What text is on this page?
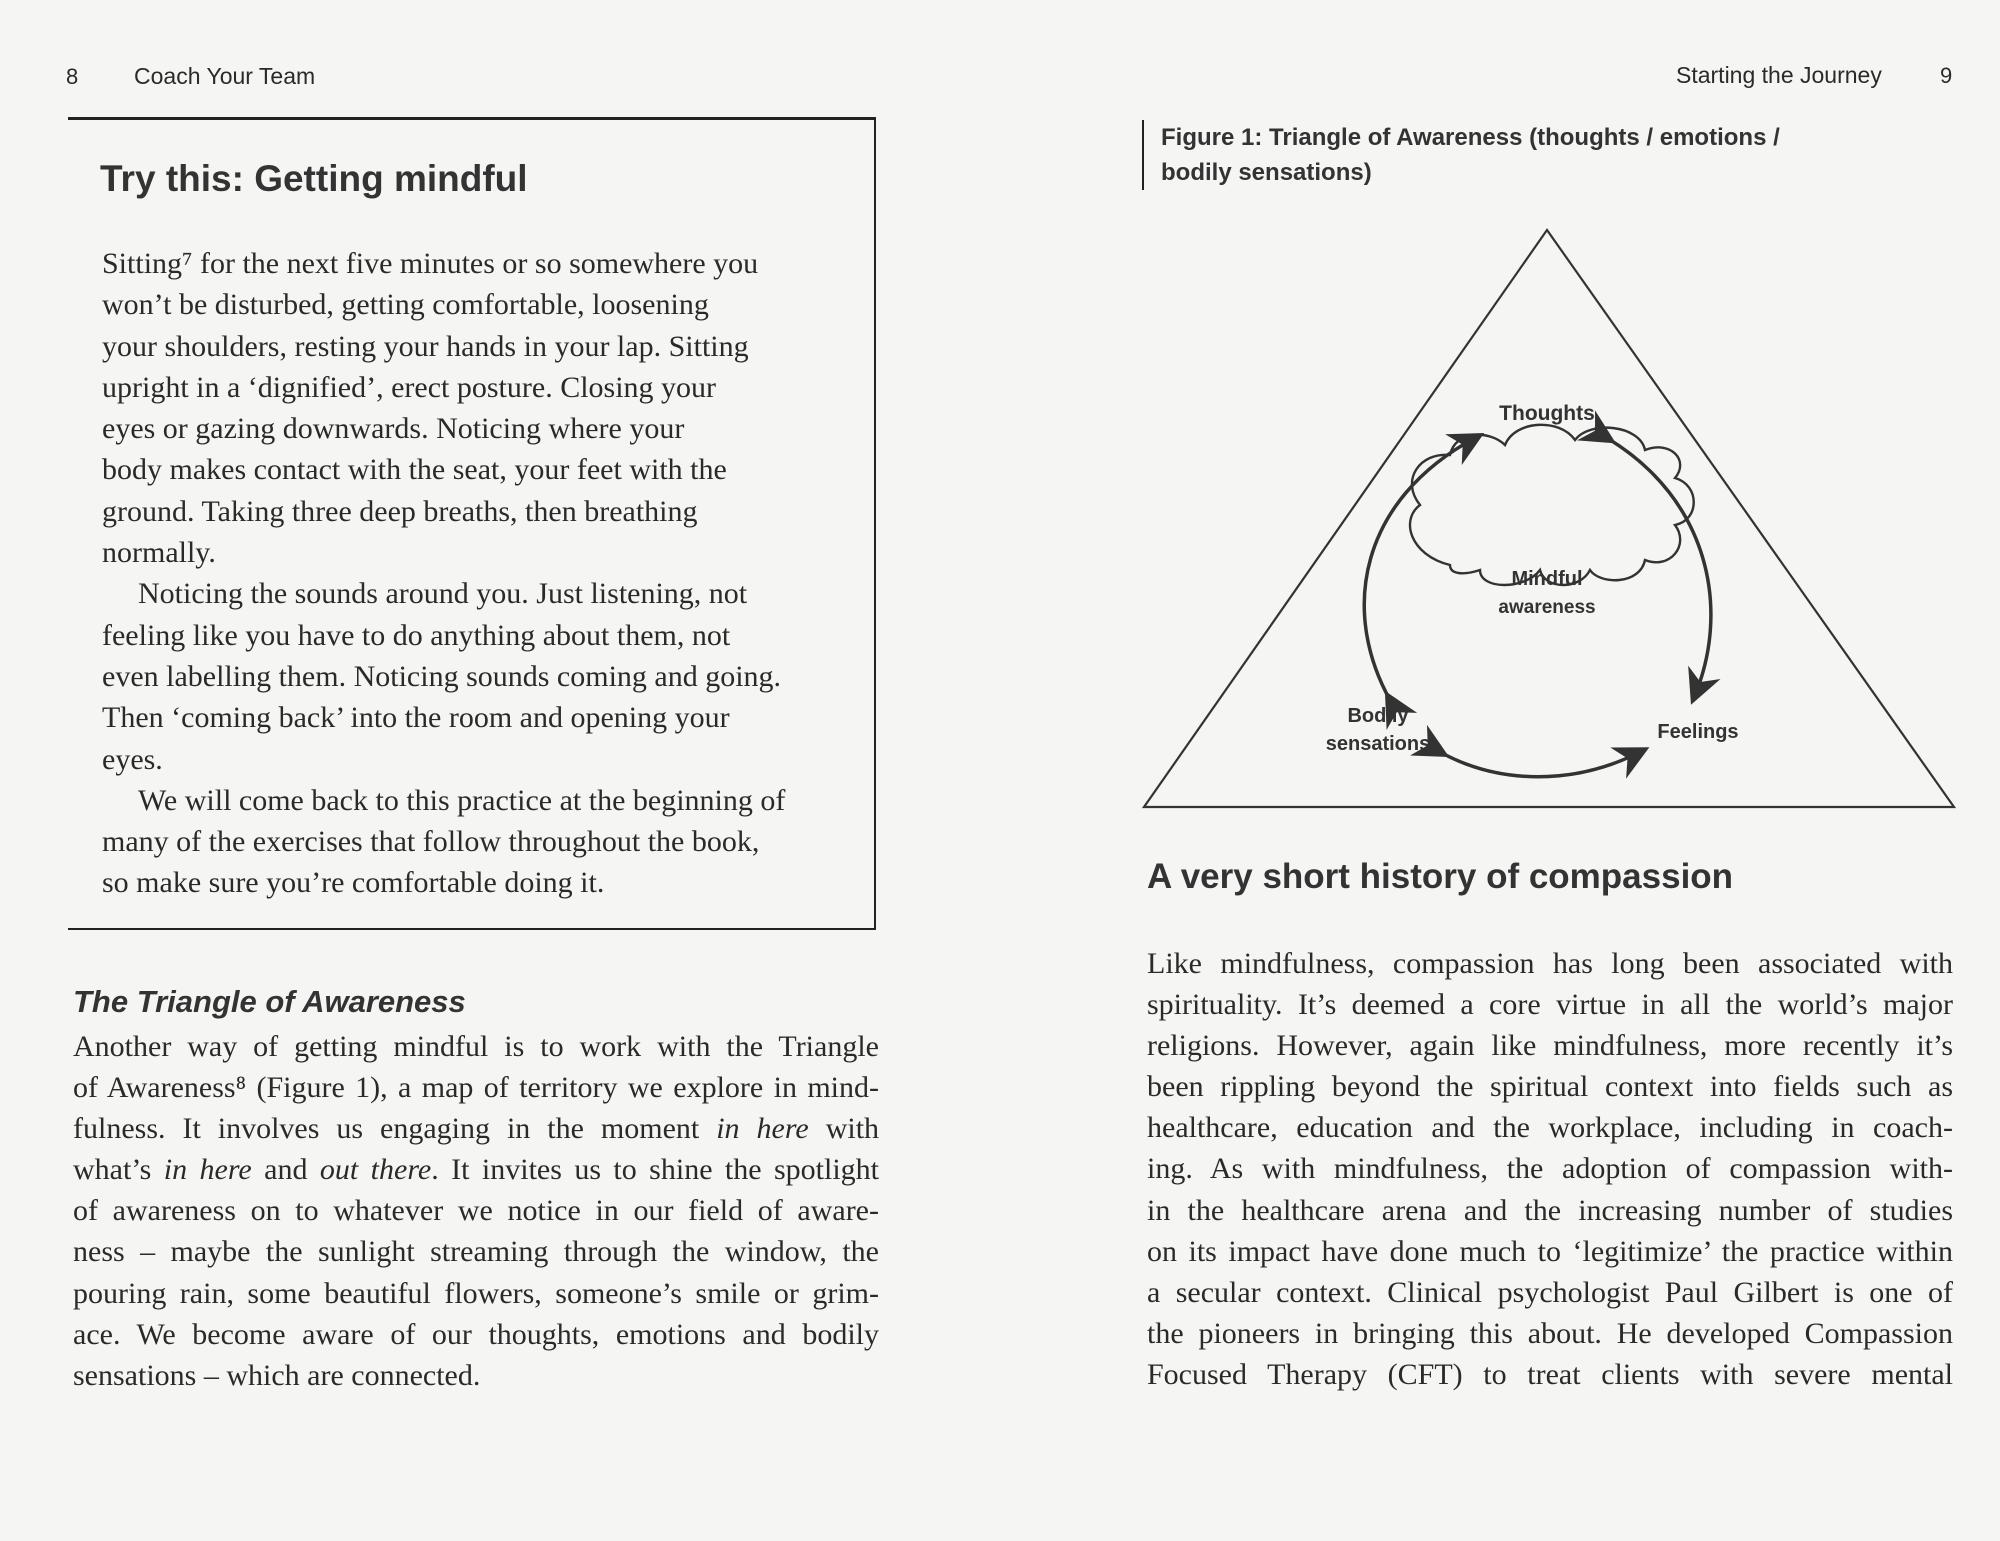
8 Coach Your Team
Try this: Getting mindful

Sitting⁷ for the next five minutes or so somewhere you
won’t be disturbed, getting comfortable, loosening
your shoulders, resting your hands in your lap. Sitting
upright in a ‘dignified’, erect posture. Closing your
eyes or gazing downwards. Noticing where your
body makes contact with the seat, your feet with the
ground. Taking three deep breaths, then breathing
normally.

Noticing the sounds around you. Just listening, not
feeling like you have to do anything about them, not
even labelling them. Noticing sounds coming and going.
Then ‘coming back’ into the room and opening your
eyes.

We will come back to this practice at the beginning of
many of the exercises that follow throughout the book,
so make sure you’re comfortable doing it.

The Triangle of Awareness
Another way of getting mindful is to work with the Triangle
of Awareness⁸ (Figure 1), a map of territory we explore in mind-
fulness. It involves us engaging in the moment in here with
what’s in here and out there. It invites us to shine the spotlight
of awareness on to whatever we notice in our field of aware-
ness – maybe the sunlight streaming through the window, the
pouring rain, some beautiful flowers, someone’s smile or grim-
ace. We become aware of our thoughts, emotions and bodily
sensations – which are connected.
Starting the Journey	9
Figure 1: Triangle of Awareness (thoughts / emotions /
bodily sensations)
Thoughts
Mindful
awareness
Bodily
sensations
Feelings
A very short history of compassion
Like mindfulness, compassion has long been associated with
spirituality. It’s deemed a core virtue in all the world’s major
religions. However, again like mindfulness, more recently it’s
been rippling beyond the spiritual context into fields such as
healthcare, education and the workplace, including in coach-
ing. As with mindfulness, the adoption of compassion with-
in the healthcare arena and the increasing number of studies
on its impact have done much to ‘legitimize’ the practice within
a secular context. Clinical psychologist Paul Gilbert is one of
the pioneers in bringing this about. He developed Compassion
Focused Therapy (CFT) to treat clients with severe mental
